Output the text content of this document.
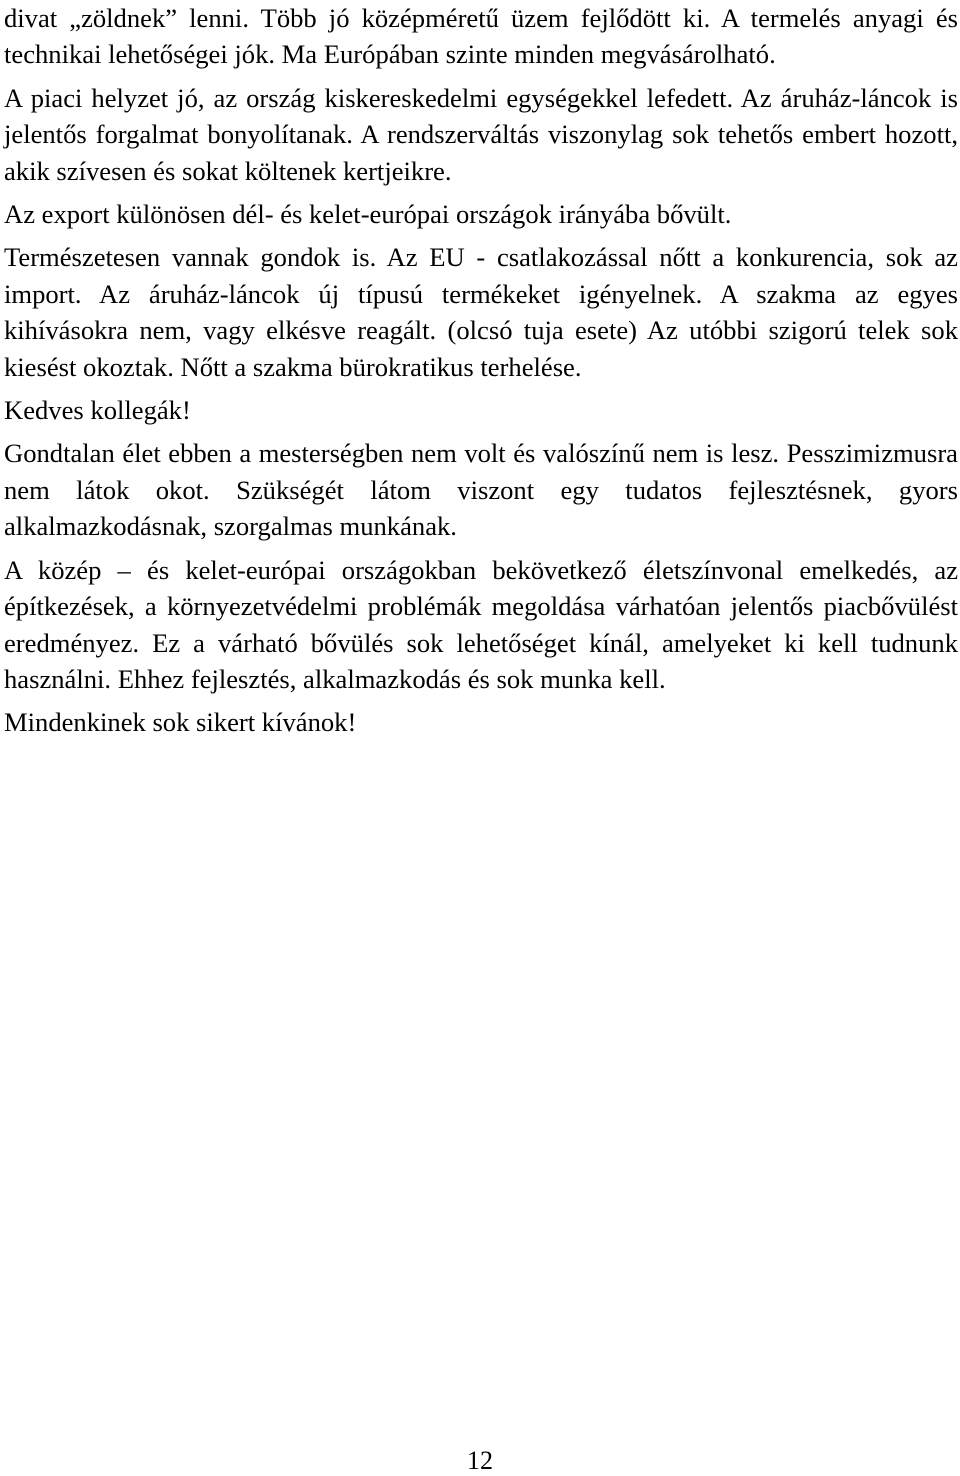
divat „zöldnek” lenni. Több jó középméretű üzem fejlődött ki. A termelés anyagi és technikai lehetőségei jók. Ma Európában szinte minden megvásárolható.

A piaci helyzet jó, az ország kiskereskedelmi egységekkel lefedett. Az áruház-láncok is jelentős forgalmat bonyolítanak. A rendszerváltás viszonylag sok tehetős embert hozott, akik szívesen és sokat költenek kertjeikre.

Az export különösen dél- és kelet-európai országok irányába bővült.

Természetesen vannak gondok is. Az EU - csatlakozással nőtt a konkurencia, sok az import. Az áruház-láncok új típusú termékeket igényelnek. A szakma az egyes kihívásokra nem, vagy elkésve reagált. (olcsó tuja esete) Az utóbbi szigorú telek sok kiesést okoztak. Nőtt a szakma bürokratikus terhelése.

Kedves kollegák!

Gondtalan élet ebben a mesterségben nem volt és valószínű nem is lesz. Pesszimizmusra nem látok okot. Szükségét látom viszont egy tudatos fejlesztésnek, gyors alkalmazkodásnak, szorgalmas munkának.

A közép – és kelet-európai országokban bekövetkező életszínvonal emelkedés, az építkezések, a környezetvédelmi problémák megoldása várhatóan jelentős piacbővülést eredményez. Ez a várható bővülés sok lehetőséget kínál, amelyeket ki kell tudnunk használni. Ehhez fejlesztés, alkalmazkodás és sok munka kell.

Mindenkinek sok sikert kívánok!

12
